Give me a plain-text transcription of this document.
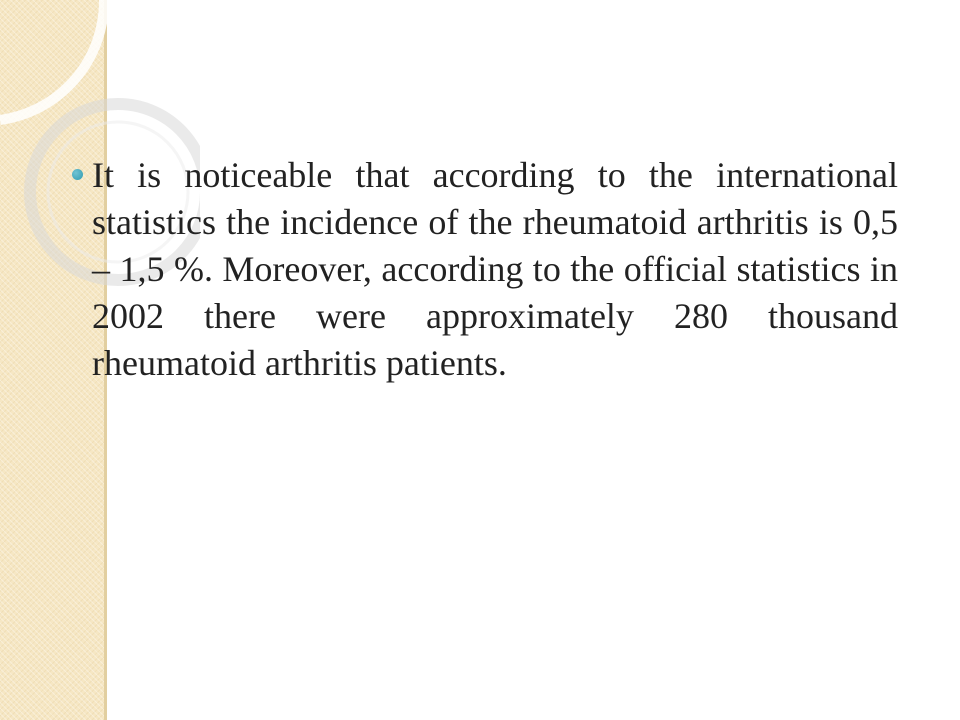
It is noticeable that according to the international statistics the incidence of the rheumatoid arthritis is 0,5 – 1,5 %. Moreover, according to the official statistics in 2002 there were approximately 280 thousand rheumatoid arthritis patients.
